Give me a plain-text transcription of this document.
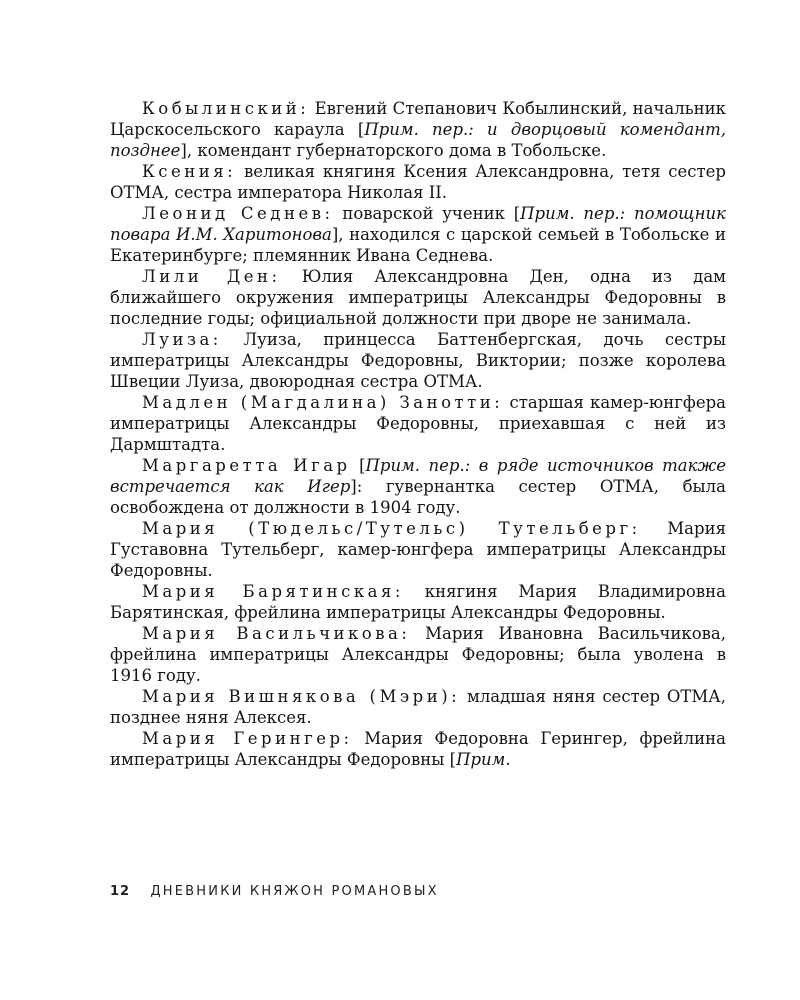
Кобылинский: Евгений Степанович Кобылинский, начальник Царскосельского караула [Прим. пер.: и дворцовый комендант, позднее], комендант губернаторского дома в Тобольске.

Ксения: великая княгиня Ксения Александровна, тетя сестер ОТМА, сестра императора Николая II.

Леонид Седнев: поварской ученик [Прим. пер.: помощник повара И.М. Харитонова], находился с царской семьей в Тобольске и Екатеринбурге; племянник Ивана Седнева.

Лили Ден: Юлия Александровна Ден, одна из дам ближайшего окружения императрицы Александры Федоровны в последние годы; официальной должности при дворе не занимала.

Луиза: Луиза, принцесса Баттенбергская, дочь сестры императрицы Александры Федоровны, Виктории; позже королева Швеции Луиза, двоюродная сестра ОТМА.

Мадлен (Магдалина) Занотти: старшая камер-юнгфера императрицы Александры Федоровны, приехавшая с ней из Дармштадта.

Маргаретта Игар [Прим. пер.: в ряде источников также встречается как Игер]: гувернантка сестер ОТМА, была освобождена от должности в 1904 году.

Мария (Тюдельс/Тутельс) Тутельберг: Мария Густавовна Тутельберг, камер-юнгфера императрицы Александры Федоровны.

Мария Барятинская: княгиня Мария Владимировна Барятинская, фрейлина императрицы Александры Федоровны.

Мария Васильчикова: Мария Ивановна Васильчикова, фрейлина императрицы Александры Федоровны; была уволена в 1916 году.

Мария Вишнякова (Мэри): младшая няня сестер ОТМА, позднее няня Алексея.

Мария Герингер: Мария Федоровна Герингер, фрейлина императрицы Александры Федоровны [Прим.

12 ДНЕВНИКИ КНЯЖОН РОМАНОВЫХ
